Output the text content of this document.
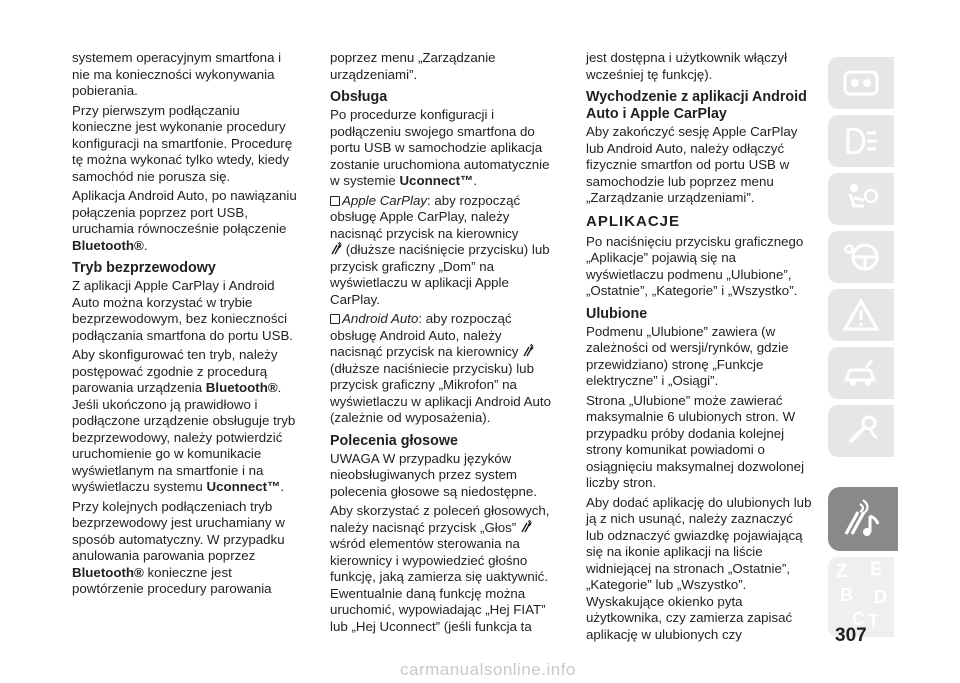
systemem operacyjnym smartfona i nie ma konieczności wykonywania pobierania.

Przy pierwszym podłączaniu konieczne jest wykonanie procedury konfiguracji na smartfonie. Procedurę tę można wykonać tylko wtedy, kiedy samochód nie porusza się.

Aplikacja Android Auto, po nawiązaniu połączenia poprzez port USB, uruchamia równocześnie połączenie Bluetooth®.

Tryb bezprzewodowy

Z aplikacji Apple CarPlay i Android Auto można korzystać w trybie bezprzewodowym, bez konieczności podłączania smartfona do portu USB.

Aby skonfigurować ten tryb, należy postępować zgodnie z procedurą parowania urządzenia Bluetooth®.
Jeśli ukończono ją prawidłowo i podłączone urządzenie obsługuje tryb bezprzewodowy, należy potwierdzić uruchomienie go w komunikacie wyświetlanym na smartfonie i na wyświetlaczu systemu Uconnect™.

Przy kolejnych podłączeniach tryb bezprzewodowy jest uruchamiany w sposób automatyczny. W przypadku anulowania parowania poprzez Bluetooth® konieczne jest powtórzenie procedury parowania

poprzez menu „Zarządzanie urządzeniami”.

Obsługa

Po procedurze konfiguracji i podłączeniu swojego smartfona do portu USB w samochodzie aplikacja zostanie uruchomiona automatycznie w systemie Uconnect™.

Apple CarPlay: aby rozpocząć obsługę Apple CarPlay, należy nacisnąć przycisk na kierownicy
(dłuższe naciśnięcie przycisku) lub przycisk graficzny „Dom” na wyświetlaczu w aplikacji Apple CarPlay.

Android Auto: aby rozpocząć obsługę Android Auto, należy nacisnąć przycisk na kierownicy  (dłuższe naciśniecie przycisku) lub przycisk graficzny „Mikrofon” na wyświetlaczu w aplikacji Android Auto (zależnie od wyposażenia).

Polecenia głosowe

UWAGA W przypadku języków nieobsługiwanych przez system polecenia głosowe są niedostępne.

Aby skorzystać z poleceń głosowych, należy nacisnąć przycisk „Głos”  wśród elementów sterowania na kierownicy i wypowiedzieć głośno funkcję, jaką zamierza się uaktywnić. Ewentualnie daną funkcję można uruchomić, wypowiadając „Hej FIAT” lub „Hej Uconnect” (jeśli funkcja ta

jest dostępna i użytkownik włączył wcześniej tę funkcję).

Wychodzenie z aplikacji Android Auto i Apple CarPlay

Aby zakończyć sesję Apple CarPlay lub Android Auto, należy odłączyć fizycznie smartfon od portu USB w samochodzie lub poprzez menu „Zarządzanie urządzeniami”.

APLIKACJE

Po naciśnięciu przycisku graficznego „Aplikacje” pojawią się na wyświetlaczu podmenu „Ulubione”, „Ostatnie”, „Kategorie” i „Wszystko”.

Ulubione

Podmenu „Ulubione” zawiera (w zależności od wersji/rynków, gdzie przewidziano) stronę „Funkcje elektryczne” i „Osiągi”.

Strona „Ulubione” może zawierać maksymalnie 6 ulubionych stron. W przypadku próby dodania kolejnej strony komunikat powiadomi o osiągnięciu maksymalnej dozwolonej liczby stron.

Aby dodać aplikację do ulubionych lub ją z nich usunąć, należy zaznaczyć lub odznaczyć gwiazdkę pojawiającą się na ikonie aplikacji na liście widniejącej na stronach „Ostatnie”, „Kategorie” lub „Wszystko”. Wyskakujące okienko pyta użytkownika, czy zamierza zapisać aplikację w ulubionych czy

Z E
B D
C T
307
carmanualsonline.info
